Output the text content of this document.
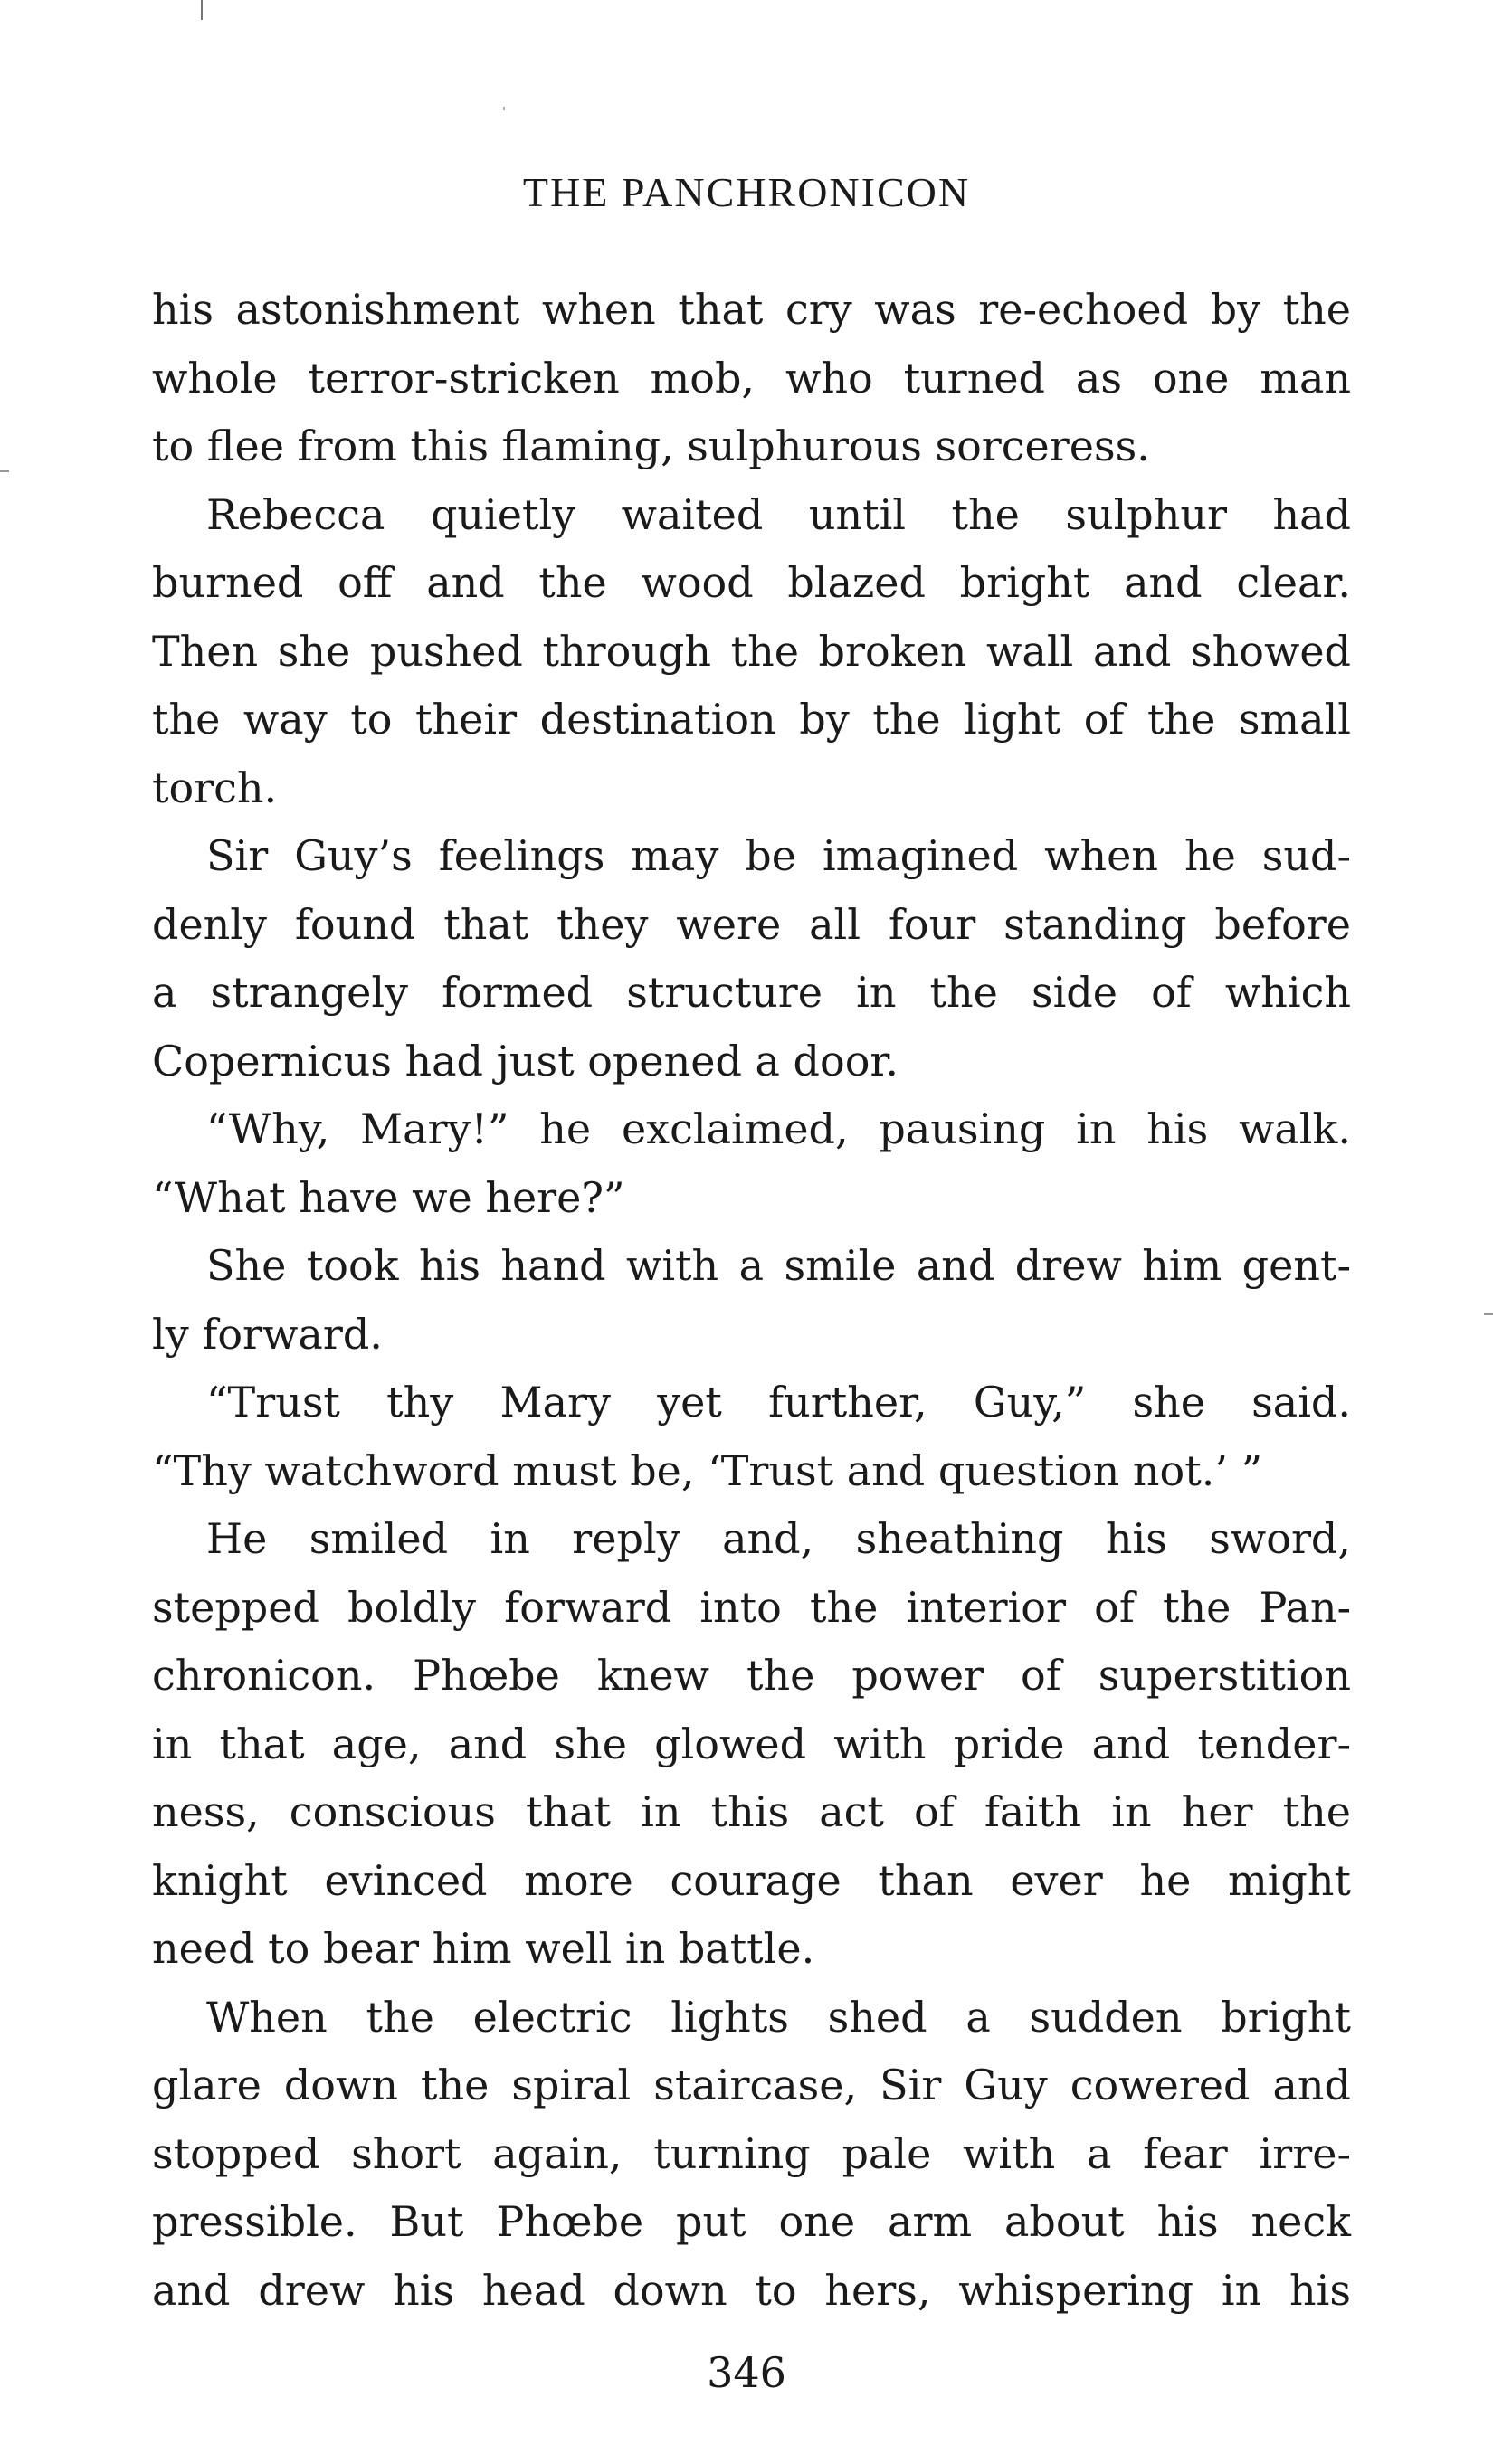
THE PANCHRONICON

his astonishment when that cry was re-echoed by the

whole terror-stricken mob, who turned as one man

to flee from this flaming, sulphurous sorceress.

Rebecca quietly waited until the sulphur had

burned off and the wood blazed bright and clear.

Then she pushed through the broken wall and showed

the way to their destination by the light of the small

torch.

Sir Guy’s feelings may be imagined when he sud-

denly found that they were all four standing before

a strangely formed structure in the side of which

Copernicus had just opened a door.

“Why, Mary!” he exclaimed, pausing in his walk.

“What have we here?”

She took his hand with a smile and drew him gent-

ly forward.

“Trust thy Mary yet further, Guy,” she said.

“Thy watchword must be, ‘Trust and question not.’ ”

He smiled in reply and, sheathing his sword,

stepped boldly forward into the interior of the Pan-

chronicon. Phœbe knew the power of superstition

in that age, and she glowed with pride and tender-

ness, conscious that in this act of faith in her the

knight evinced more courage than ever he might

need to bear him well in battle.

When the electric lights shed a sudden bright

glare down the spiral staircase, Sir Guy cowered and

stopped short again, turning pale with a fear irre-

pressible. But Phœbe put one arm about his neck

and drew his head down to hers, whispering in his

346
